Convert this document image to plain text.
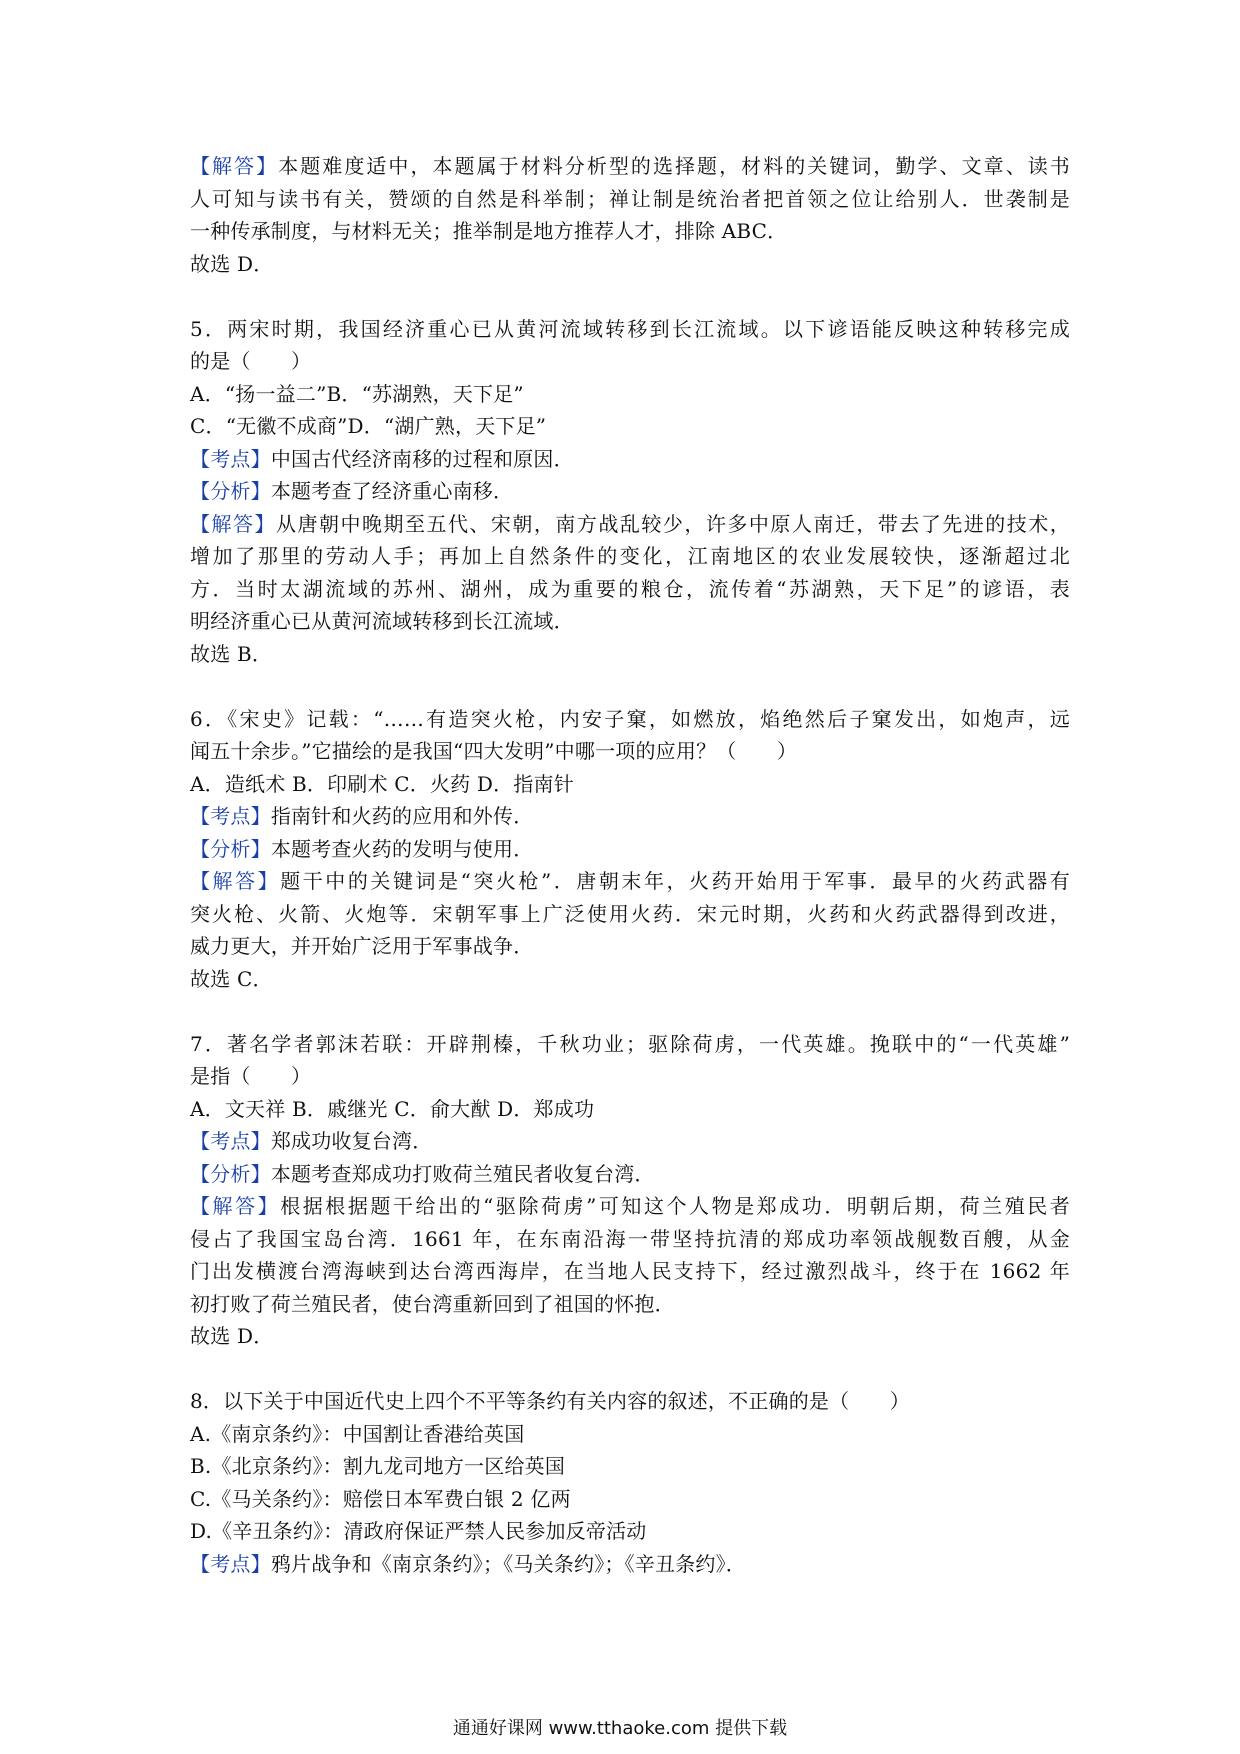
【解答】本题难度适中，本题属于材料分析型的选择题，材料的关键词，勤学、文章、读书
人可知与读书有关，赞颂的自然是科举制；禅让制是统治者把首领之位让给别人．世袭制是
一种传承制度，与材料无关；推举制是地方推荐人才，排除 ABC．
故选 D．
5．两宋时期，我国经济重心已从黄河流域转移到长江流域。以下谚语能反映这种转移完成
的是（　　）
A．“扬一益二”B．“苏湖熟，天下足”
C．“无徽不成商”D．“湖广熟，天下足”
【考点】中国古代经济南移的过程和原因．
【分析】本题考查了经济重心南移．
【解答】从唐朝中晚期至五代、宋朝，南方战乱较少，许多中原人南迁，带去了先进的技术，
增加了那里的劳动人手；再加上自然条件的变化，江南地区的农业发展较快，逐渐超过北
方．当时太湖流域的苏州、湖州，成为重要的粮仓，流传着“苏湖熟，天下足”的谚语，表
明经济重心已从黄河流域转移到长江流域．
故选 B．
6．《宋史》记载：“……有造突火枪，内安子窠，如燃放，焰绝然后子窠发出，如炮声，远
闻五十余步。”它描绘的是我国“四大发明”中哪一项的应用？（　　）
A．造纸术 B．印刷术 C．火药 D．指南针
【考点】指南针和火药的应用和外传．
【分析】本题考查火药的发明与使用．
【解答】题干中的关键词是“突火枪”．唐朝末年，火药开始用于军事．最早的火药武器有
突火枪、火箭、火炮等．宋朝军事上广泛使用火药．宋元时期，火药和火药武器得到改进，
威力更大，并开始广泛用于军事战争．
故选 C．
7．著名学者郭沫若联：开辟荆榛，千秋功业；驱除荷虏，一代英雄。挽联中的“一代英雄”
是指（　　）
A．文天祥 B．戚继光 C．俞大猷 D．郑成功
【考点】郑成功收复台湾．
【分析】本题考查郑成功打败荷兰殖民者收复台湾．
【解答】根据根据题干给出的“驱除荷虏”可知这个人物是郑成功．明朝后期，荷兰殖民者
侵占了我国宝岛台湾．1661 年，在东南沿海一带坚持抗清的郑成功率领战舰数百艘，从金
门出发横渡台湾海峡到达台湾西海岸，在当地人民支持下，经过激烈战斗，终于在 1662 年
初打败了荷兰殖民者，使台湾重新回到了祖国的怀抱．
故选 D．
8．以下关于中国近代史上四个不平等条约有关内容的叙述，不正确的是（　　）
A.《南京条约》：中国割让香港给英国
B.《北京条约》：割九龙司地方一区给英国
C.《马关条约》：赔偿日本军费白银 2 亿两
D.《辛丑条约》：清政府保证严禁人民参加反帝活动
【考点】鸦片战争和《南京条约》；《马关条约》；《辛丑条约》．
通通好课网 www.tthaoke.com 提供下载
